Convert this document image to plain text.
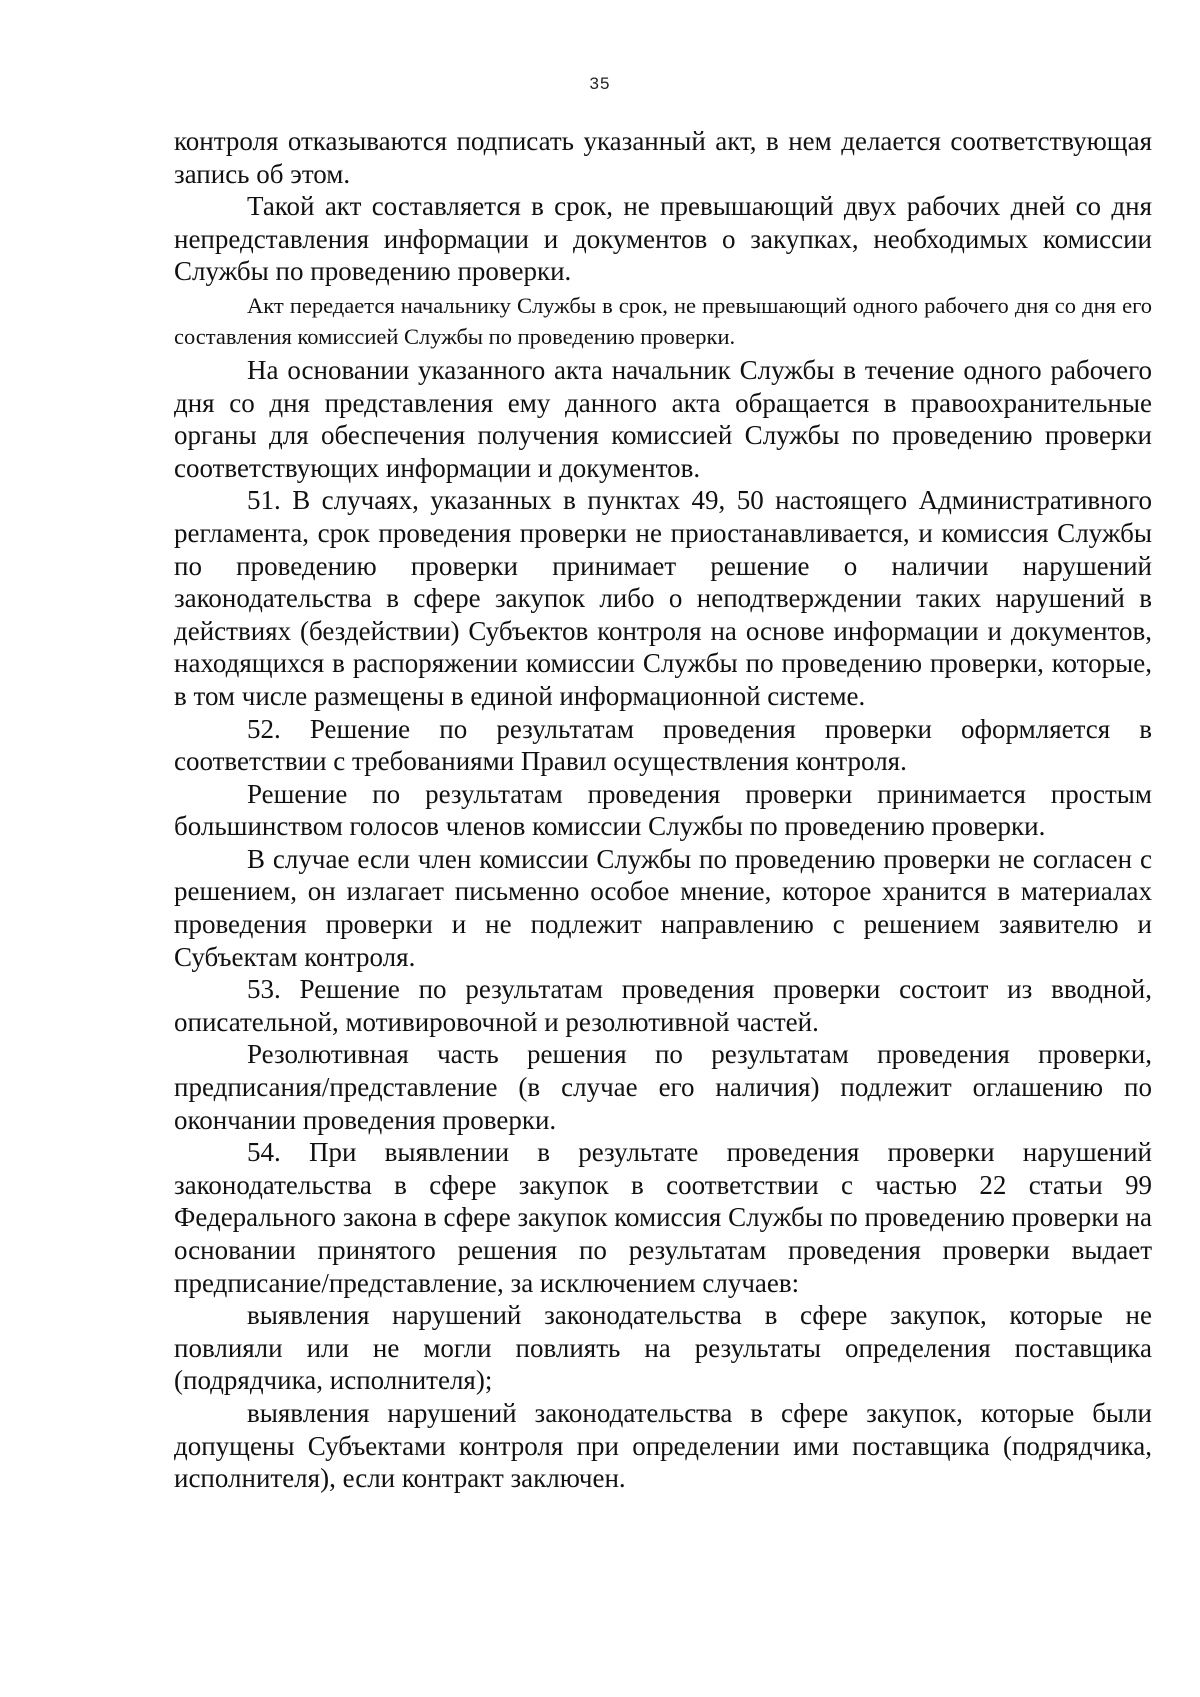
35

контроля отказываются подписать указанный акт, в нем делается соответствующая запись об этом.

Такой акт составляется в срок, не превышающий двух рабочих дней со дня непредставления информации и документов о закупках, необходимых комиссии Службы по проведению проверки.

Акт передается начальнику Службы в срок, не превышающий одного рабочего дня со дня его составления комиссией Службы по проведению проверки.

На основании указанного акта начальник Службы в течение одного рабочего дня со дня представления ему данного акта обращается в правоохранительные органы для обеспечения получения комиссией Службы по проведению проверки соответствующих информации и документов.

51. В случаях, указанных в пунктах 49, 50 настоящего Административного регламента, срок проведения проверки не приостанавливается, и комиссия Службы по проведению проверки принимает решение о наличии нарушений законодательства в сфере закупок либо о неподтверждении таких нарушений в действиях (бездействии) Субъектов контроля на основе информации и документов, находящихся в распоряжении комиссии Службы по проведению проверки, которые, в том числе размещены в единой информационной системе.

52. Решение по результатам проведения проверки оформляется в соответствии с требованиями Правил осуществления контроля.

Решение по результатам проведения проверки принимается простым большинством голосов членов комиссии Службы по проведению проверки.

В случае если член комиссии Службы по проведению проверки не согласен с решением, он излагает письменно особое мнение, которое хранится в материалах проведения проверки и не подлежит направлению с решением заявителю и Субъектам контроля.

53. Решение по результатам проведения проверки состоит из вводной, описательной, мотивировочной и резолютивной частей.

Резолютивная часть решения по результатам проведения проверки, предписания/представление (в случае его наличия) подлежит оглашению по окончании проведения проверки.

54. При выявлении в результате проведения проверки нарушений законодательства в сфере закупок в соответствии с частью 22 статьи 99 Федерального закона в сфере закупок комиссия Службы по проведению проверки на основании принятого решения по результатам проведения проверки выдает предписание/представление, за исключением случаев:

выявления нарушений законодательства в сфере закупок, которые не повлияли или не могли повлиять на результаты определения поставщика (подрядчика, исполнителя);

выявления нарушений законодательства в сфере закупок, которые были допущены Субъектами контроля при определении ими поставщика (подрядчика, исполнителя), если контракт заключен.
